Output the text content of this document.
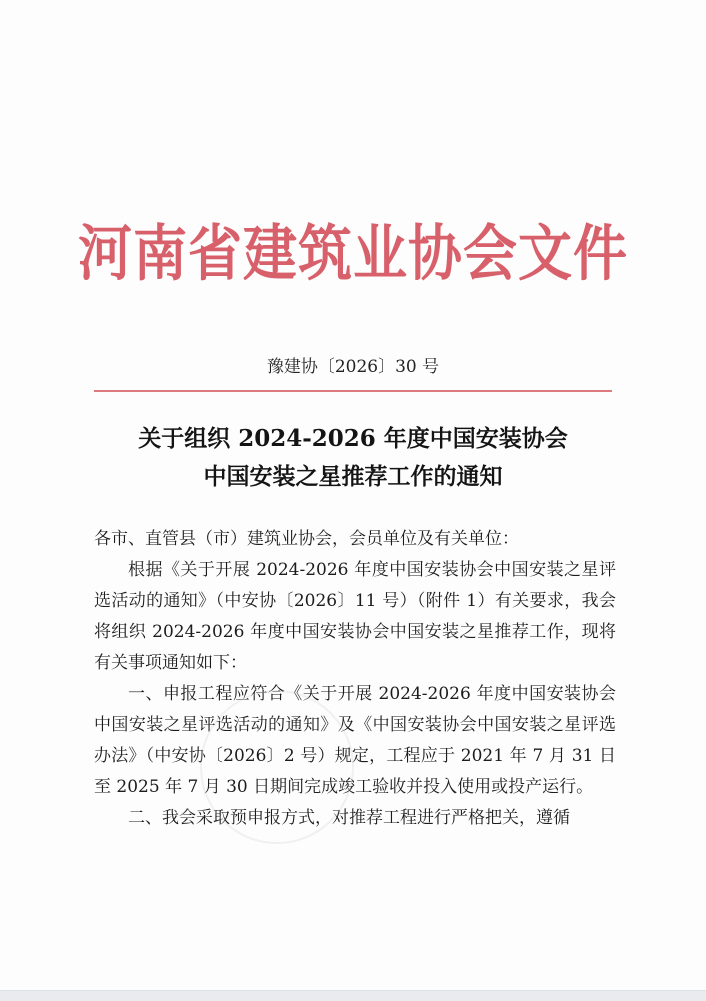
河南省建筑业协会文件
豫建协〔2026〕30 号
关于组织 2024-2026 年度中国安装协会
中国安装之星推荐工作的通知
各市、直管县（市）建筑业协会，会员单位及有关单位：

根据《关于开展 2024-2026 年度中国安装协会中国安装之星评选活动的通知》（中安协〔2026〕11 号）（附件 1）有关要求，我会将组织 2024-2026 年度中国安装协会中国安装之星推荐工作，现将有关事项通知如下：

一、申报工程应符合《关于开展 2024-2026 年度中国安装协会中国安装之星评选活动的通知》及《中国安装协会中国安装之星评选办法》（中安协〔2026〕2 号）规定，工程应于 2021 年 7 月 31 日至 2025 年 7 月 30 日期间完成竣工验收并投入使用或投产运行。

二、我会采取预申报方式，对推荐工程进行严格把关，遵循
